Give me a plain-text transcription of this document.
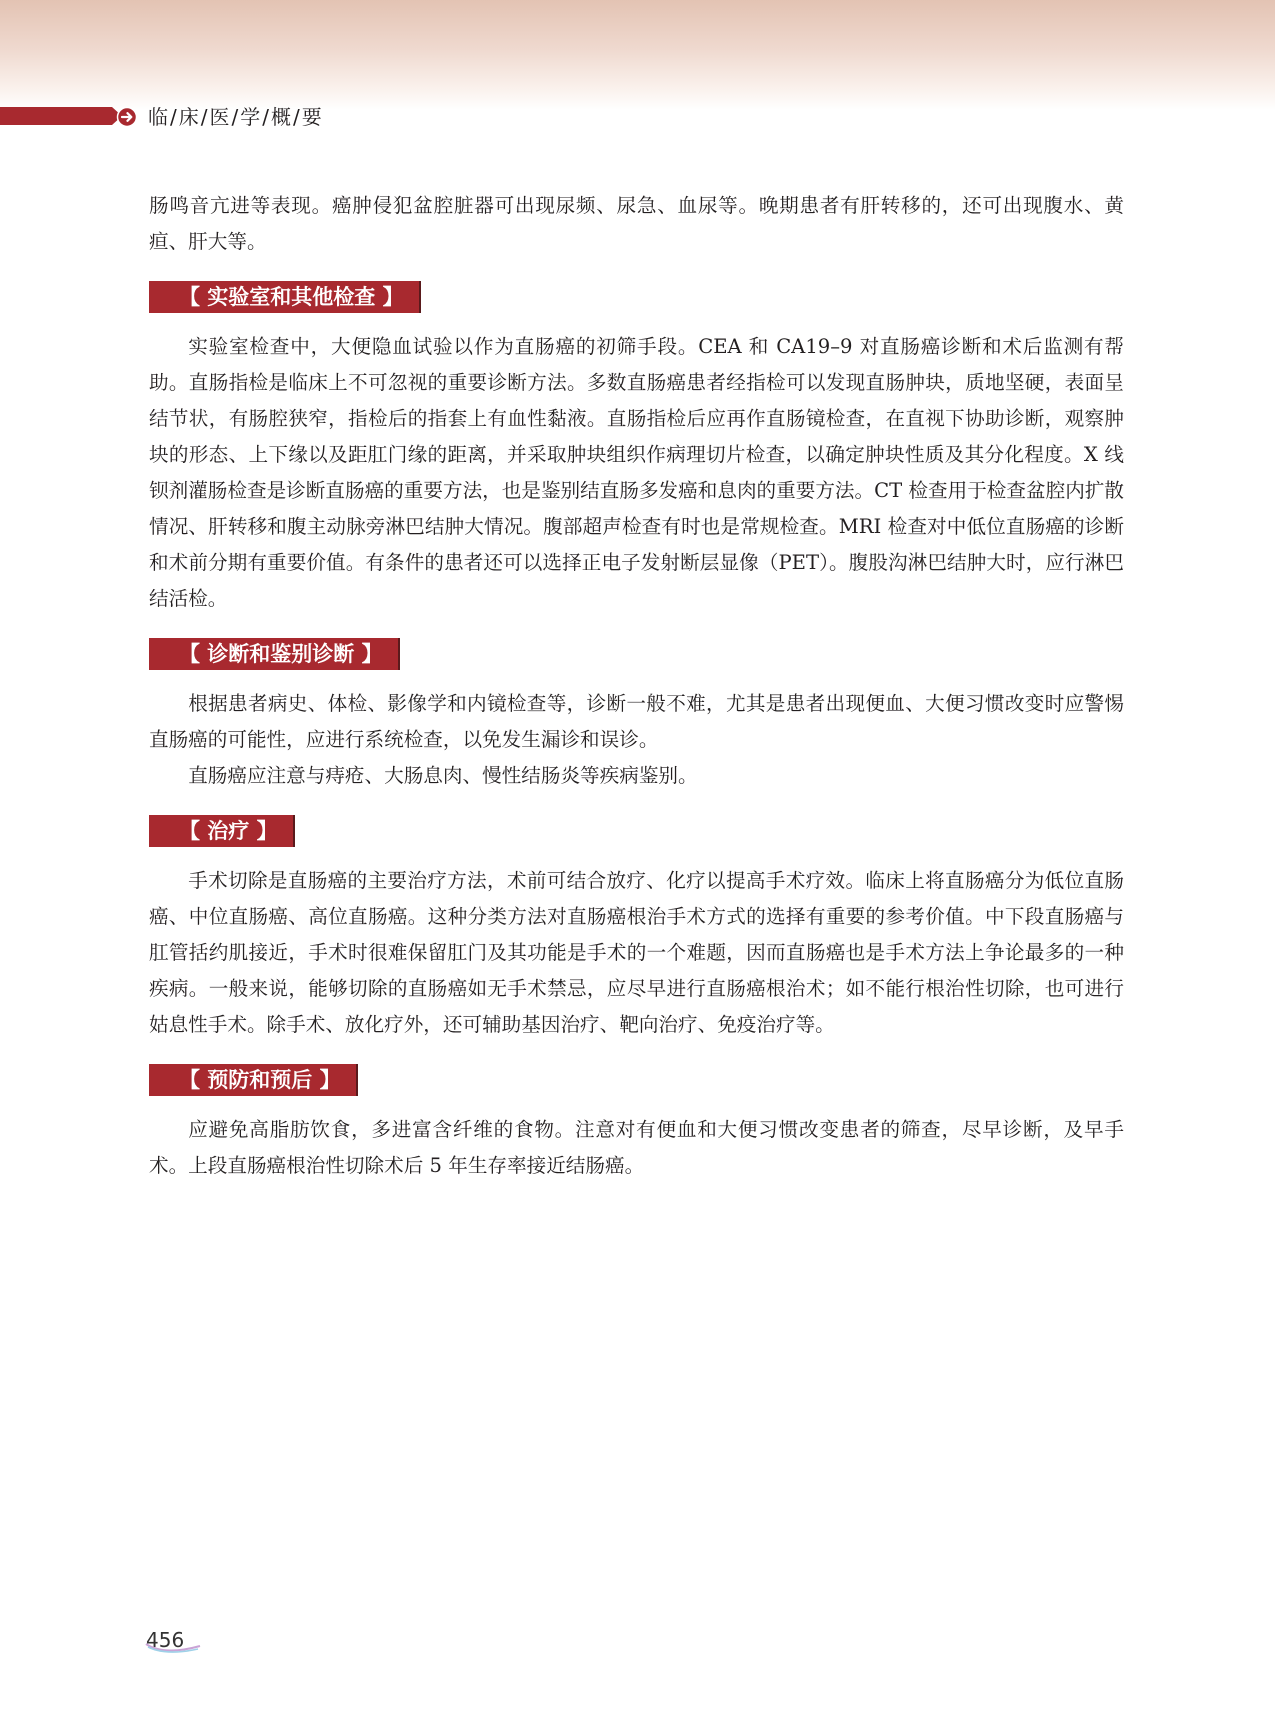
临/床/医/学/概/要

肠鸣音亢进等表现。癌肿侵犯盆腔脏器可出现尿频、尿急、血尿等。晚期患者有肝转移的，还可出现腹水、黄疸、肝大等。

【 实验室和其他检查 】

实验室检查中，大便隐血试验以作为直肠癌的初筛手段。CEA 和 CA19–9 对直肠癌诊断和术后监测有帮助。直肠指检是临床上不可忽视的重要诊断方法。多数直肠癌患者经指检可以发现直肠肿块，质地坚硬，表面呈结节状，有肠腔狭窄，指检后的指套上有血性黏液。直肠指检后应再作直肠镜检查，在直视下协助诊断，观察肿块的形态、上下缘以及距肛门缘的距离，并采取肿块组织作病理切片检查，以确定肿块性质及其分化程度。X 线钡剂灌肠检查是诊断直肠癌的重要方法，也是鉴别结直肠多发癌和息肉的重要方法。CT 检查用于检查盆腔内扩散情况、肝转移和腹主动脉旁淋巴结肿大情况。腹部超声检查有时也是常规检查。MRI 检查对中低位直肠癌的诊断和术前分期有重要价值。有条件的患者还可以选择正电子发射断层显像（PET）。腹股沟淋巴结肿大时，应行淋巴结活检。

【 诊断和鉴别诊断 】

根据患者病史、体检、影像学和内镜检查等，诊断一般不难，尤其是患者出现便血、大便习惯改变时应警惕直肠癌的可能性，应进行系统检查，以免发生漏诊和误诊。

直肠癌应注意与痔疮、大肠息肉、慢性结肠炎等疾病鉴别。

【 治疗 】

手术切除是直肠癌的主要治疗方法，术前可结合放疗、化疗以提高手术疗效。临床上将直肠癌分为低位直肠癌、中位直肠癌、高位直肠癌。这种分类方法对直肠癌根治手术方式的选择有重要的参考价值。中下段直肠癌与肛管括约肌接近，手术时很难保留肛门及其功能是手术的一个难题，因而直肠癌也是手术方法上争论最多的一种疾病。一般来说，能够切除的直肠癌如无手术禁忌，应尽早进行直肠癌根治术；如不能行根治性切除，也可进行姑息性手术。除手术、放化疗外，还可辅助基因治疗、靶向治疗、免疫治疗等。

【 预防和预后 】

应避免高脂肪饮食，多进富含纤维的食物。注意对有便血和大便习惯改变患者的筛查，尽早诊断，及早手术。上段直肠癌根治性切除术后 5 年生存率接近结肠癌。

456
